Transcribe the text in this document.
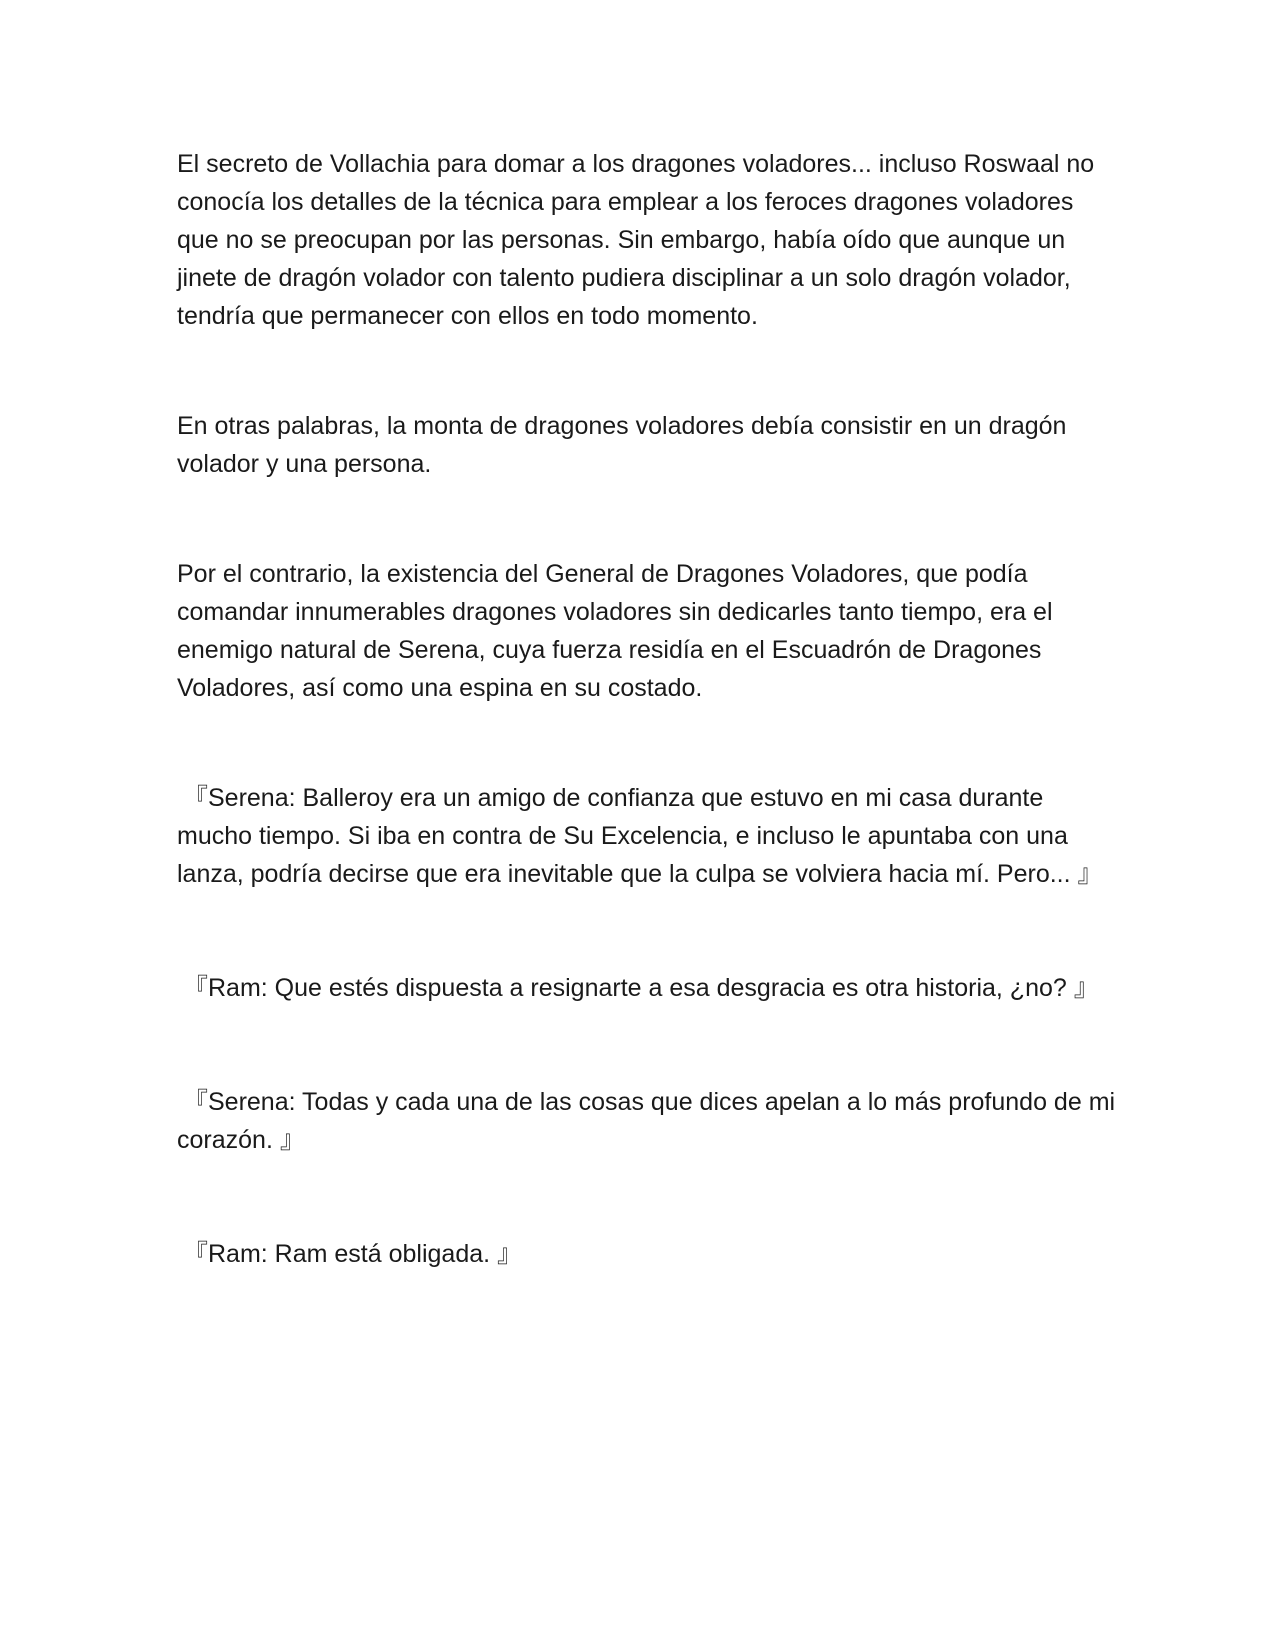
El secreto de Vollachia para domar a los dragones voladores... incluso Roswaal no conocía los detalles de la técnica para emplear a los feroces dragones voladores que no se preocupan por las personas. Sin embargo, había oído que aunque un jinete de dragón volador con talento pudiera disciplinar a un solo dragón volador, tendría que permanecer con ellos en todo momento.

En otras palabras, la monta de dragones voladores debía consistir en un dragón volador y una persona.

Por el contrario, la existencia del General de Dragones Voladores, que podía comandar innumerables dragones voladores sin dedicarles tanto tiempo, era el enemigo natural de Serena, cuya fuerza residía en el Escuadrón de Dragones Voladores, así como una espina en su costado.

『Serena: Balleroy era un amigo de confianza que estuvo en mi casa durante mucho tiempo. Si iba en contra de Su Excelencia, e incluso le apuntaba con una lanza, podría decirse que era inevitable que la culpa se volviera hacia mí. Pero... 』

『Ram: Que estés dispuesta a resignarte a esa desgracia es otra historia, ¿no? 』

『Serena: Todas y cada una de las cosas que dices apelan a lo más profundo de mi corazón. 』

『Ram: Ram está obligada. 』
